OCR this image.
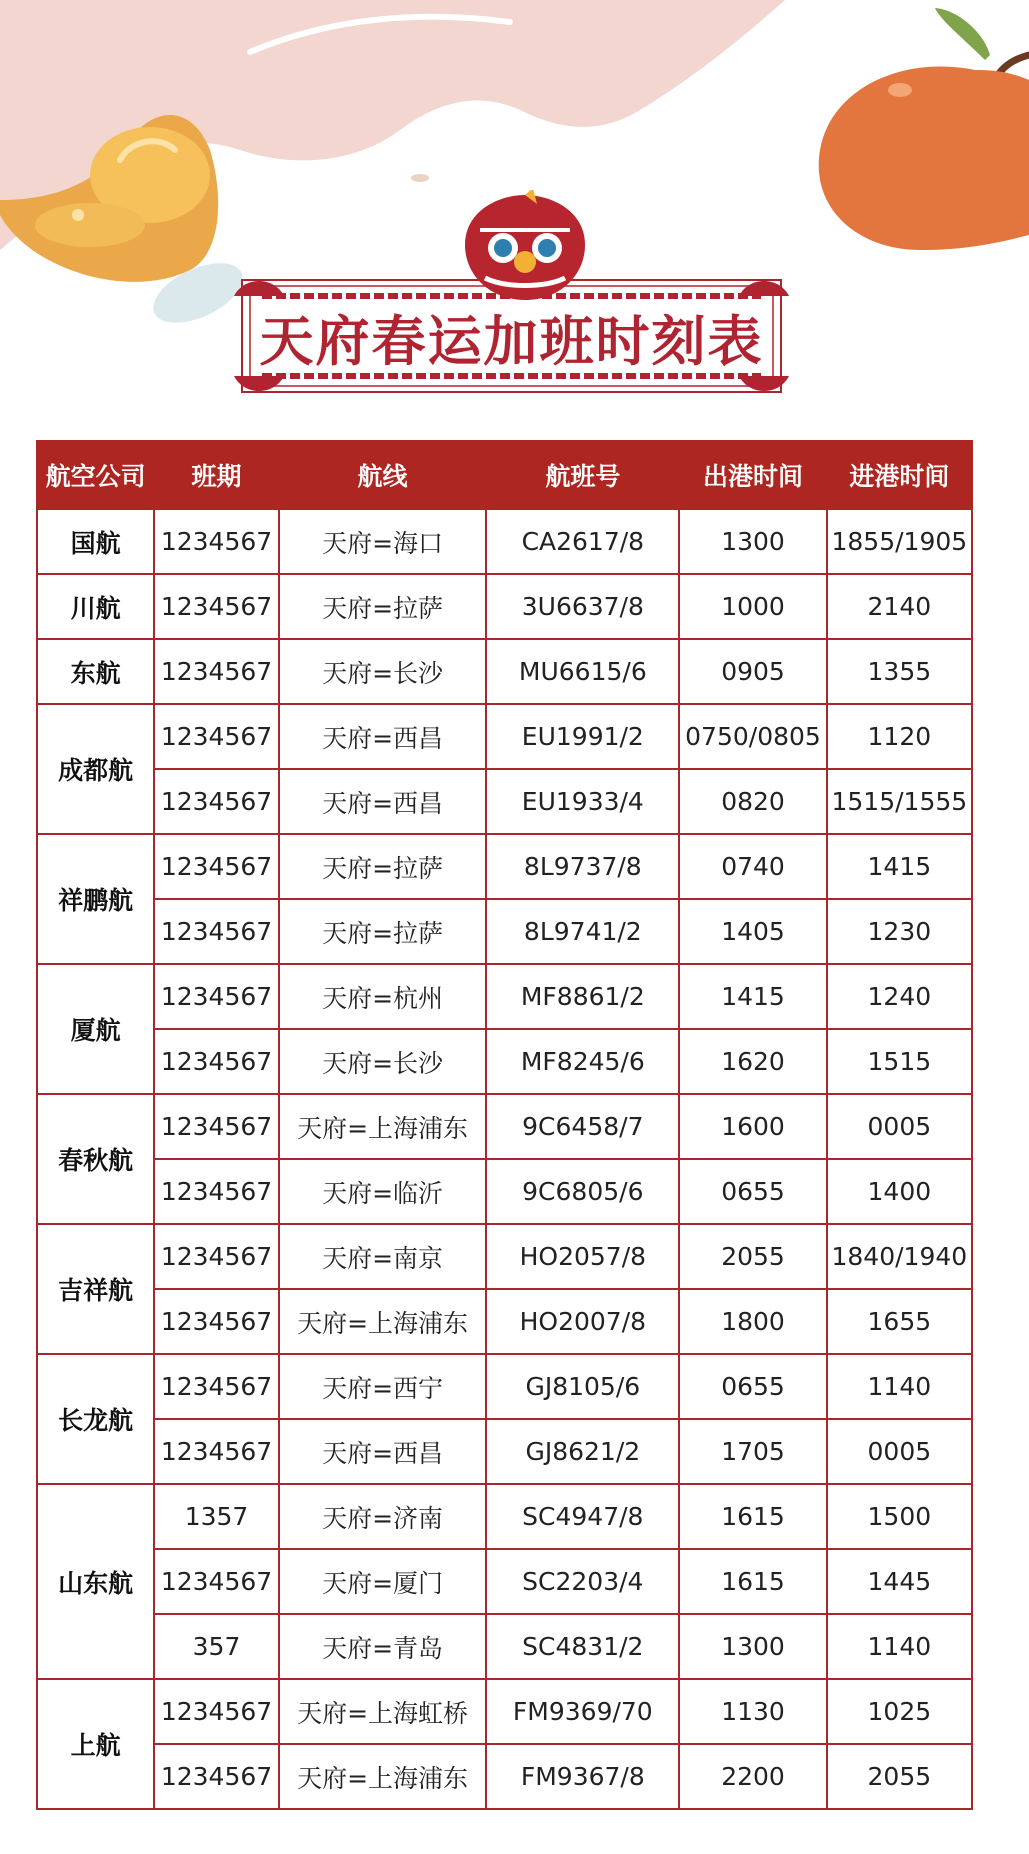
天府春运加班时刻表
航空公司	班期	航线	航班号	出港时间	进港时间
国航	1234567	天府=海口	CA2617/8	1300	1855/1905
川航	1234567	天府=拉萨	3U6637/8	1000	2140
东航	1234567	天府=长沙	MU6615/6	0905	1355
成都航	1234567	天府=西昌	EU1991/2	0750/0805	1120
	1234567	天府=西昌	EU1933/4	0820	1515/1555
祥鹏航	1234567	天府=拉萨	8L9737/8	0740	1415
	1234567	天府=拉萨	8L9741/2	1405	1230
厦航	1234567	天府=杭州	MF8861/2	1415	1240
	1234567	天府=长沙	MF8245/6	1620	1515
春秋航	1234567	天府=上海浦东	9C6458/7	1600	0005
	1234567	天府=临沂	9C6805/6	0655	1400
吉祥航	1234567	天府=南京	HO2057/8	2055	1840/1940
	1234567	天府=上海浦东	HO2007/8	1800	1655
长龙航	1234567	天府=西宁	GJ8105/6	0655	1140
	1234567	天府=西昌	GJ8621/2	1705	0005
山东航	1357	天府=济南	SC4947/8	1615	1500
	1234567	天府=厦门	SC2203/4	1615	1445
	357	天府=青岛	SC4831/2	1300	1140
上航	1234567	天府=上海虹桥	FM9369/70	1130	1025
	1234567	天府=上海浦东	FM9367/8	2200	2055
